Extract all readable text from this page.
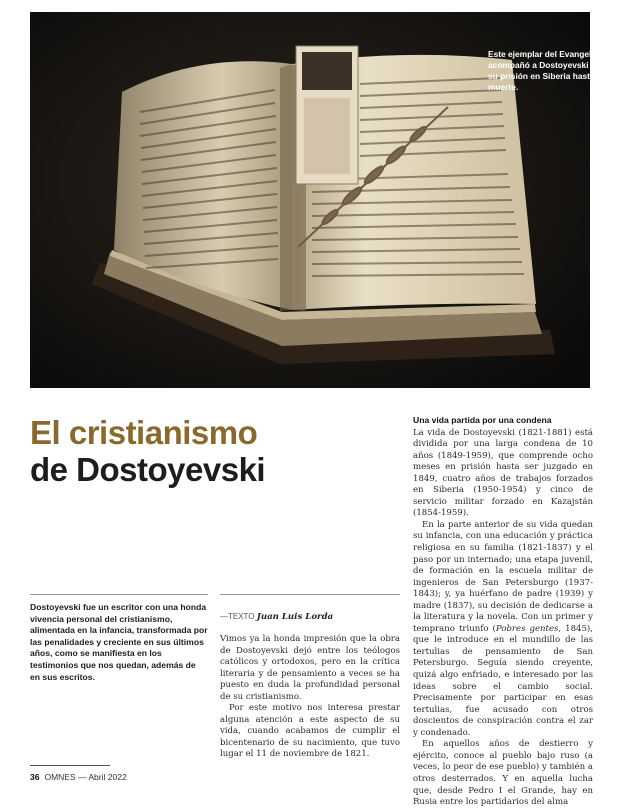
Este ejemplar del Evangelio acompañó a Dostoyevski desde su prisión en Siberia hasta su muerte.
El cristianismo
de Dostoyevski

Dostoyevski fue un escritor con una honda vivencia personal del cristianismo, alimentada en la infancia, transformada por las penalidades y creciente en sus últimos años, como se manifiesta en los testimonios que nos quedan, además de en sus escritos.

—TEXTO Juan Luis Lorda

Vimos ya la honda impresión que la obra de Dostoyevski dejó entre los teólogos católicos y ortodoxos, pero en la crítica literaria y de pensamiento a veces se ha puesto en duda la profundidad personal de su cristianismo.

Por este motivo nos interesa prestar alguna atención a este aspecto de su vida, cuando acabamos de cumplir el bicentenario de su nacimiento, que tuvo lugar el 11 de noviembre de 1821.

Una vida partida por una condena

La vida de Dostoyevski (1821-1881) está dividida por una larga condena de 10 años (1849-1959), que comprende ocho meses en prisión hasta ser juzgado en 1849, cuatro años de trabajos forzados en Siberia (1950-1954) y cinco de servicio militar forzado en Kazajstán (1854-1959).

En la parte anterior de su vida quedan su infancia, con una educación y práctica religiosa en su familia (1821-1837) y el paso por un internado; una etapa juvenil, de formación en la escuela militar de ingenieros de San Petersburgo (1937-1843); y, ya huérfano de padre (1939) y madre (1837), su decisión de dedicarse a la literatura y la novela. Con un primer y temprano triunfo (Pobres gentes, 1845), que le introduce en el mundillo de las tertulias de pensamiento de San Petersburgo. Seguía siendo creyente, quizá algo enfriado, e interesado por las ideas sobre el cambio social. Precisamente por participar en esas tertulias, fue acusado con otros doscientos de conspiración contra el zar y condenado.

En aquellos años de destierro y ejército, conoce al pueblo bajo ruso (a veces, lo peor de ese pueblo) y también a otros desterrados. Y en aquella lucha que, desde Pedro I el Grande, hay en Rusia entre los partidarios del alma

36 OMNES — Abril 2022
